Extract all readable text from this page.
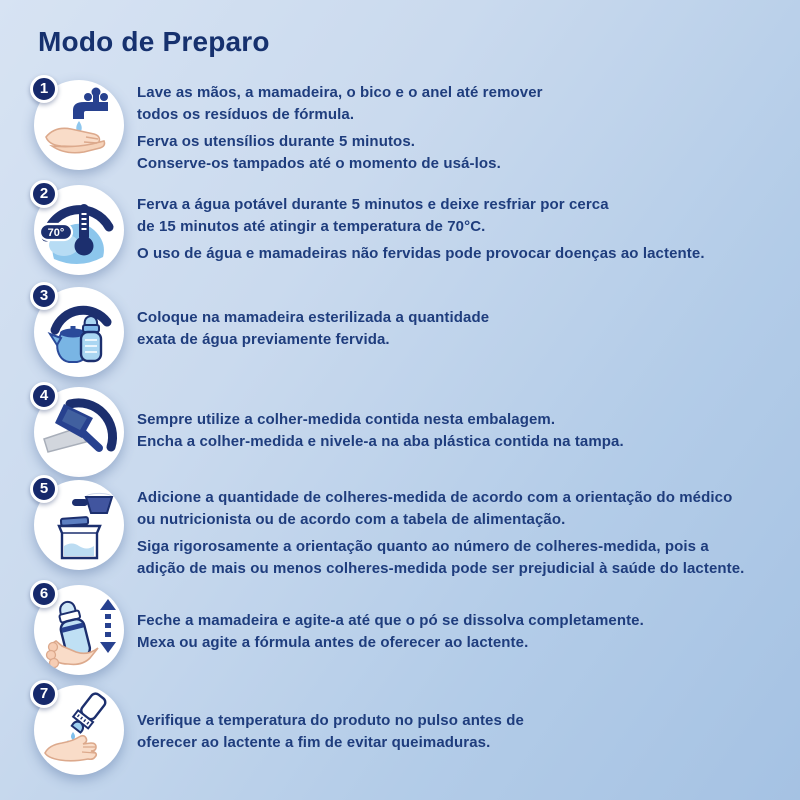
Modo de Preparo
1	Lave as mãos, a mamadeira, o bico e o anel até remover
todos os resíduos de fórmula.

Ferva os utensílios durante 5 minutos.
Conserve-os tampados até o momento de usá-los.

70°
2

Ferva a água potável durante 5 minutos e deixe resfriar por cerca
de 15 minutos até atingir a temperatura de 70°C.

O uso de água e mamadeiras não fervidas pode provocar doenças ao lactente.

3

Coloque na mamadeira esterilizada a quantidade
exata de água previamente fervida.

4

Sempre utilize a colher-medida contida nesta embalagem.
Encha a colher-medida e nivele-a na aba plástica contida na tampa.

5

Adicione a quantidade de colheres-medida de acordo com a orientação do médico
ou nutricionista ou de acordo com a tabela de alimentação.

Siga rigorosamente a orientação quanto ao número de colheres-medida, pois a
adição de mais ou menos colheres-medida pode ser prejudicial à saúde do lactente.

6

Feche a mamadeira e agite-a até que o pó se dissolva completamente.
Mexa ou agite a fórmula antes de oferecer ao lactente.

7

Verifique a temperatura do produto no pulso antes de
oferecer ao lactente a fim de evitar queimaduras.
